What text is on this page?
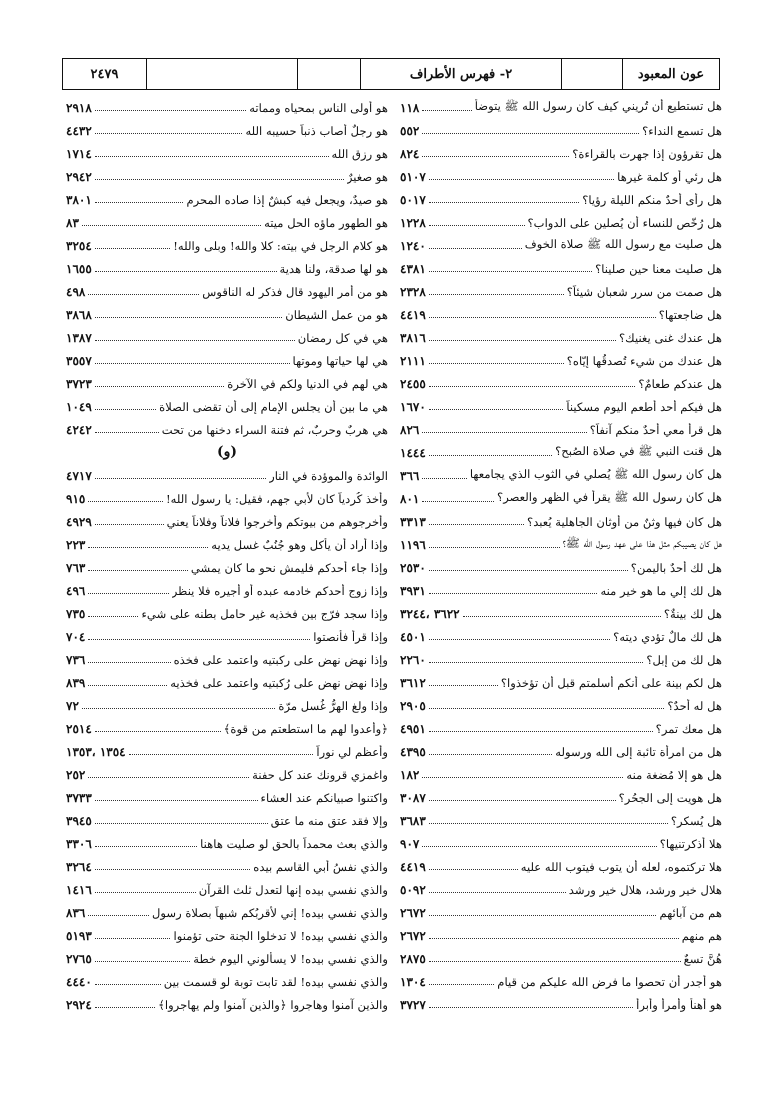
عون المعبود
٢- فهرس الأطراف
٢٤٧٩
هل تستطيع أن تُريني كيف كان رسول الله ﷺ يتوضأ
١١٨
هل تسمع النداء؟
٥٥٢
هل تقرؤون إذا جهرت بالقراءة؟
٨٢٤
هل رئي أو كلمة غيرها
٥١٠٧
هل رأى أحدٌ منكم الليلة رؤيا؟
٥٠١٧
هل رُخّص للنساء أن يُصلين على الدواب؟
١٢٢٨
هل صليت مع رسول الله ﷺ صلاة الخوف
١٢٤٠
هل صليت معنا حين صلينا؟
٤٣٨١
هل صمت من سرر شعبان شيئاً؟
٢٣٢٨
هل ضاجعتها؟
٤٤١٩
هل عندك غنى يغنيك؟
٣٨١٦
هل عندك من شيء تُصدقُها إيّاه؟
٢١١١
هل عندكم طعامٌ؟
٢٤٥٥
هل فيكم أحد أطعم اليوم مسكيناً
١٦٧٠
هل قرأ معي أحدٌ منكم آنفاً؟
٨٢٦
هل قنت النبي ﷺ في صلاة الصُبح؟
١٤٤٤
هل كان رسول الله ﷺ يُصلي في الثوب الذي يجامعها
٣٦٦
هل كان رسول الله ﷺ يقرأ في الظهر والعصر؟
٨٠١
هل كان فيها وثنٌ من أوثان الجاهلية يُعبد؟
٣٣١٣
هل كان يصيبكم مثل هذا على عهد رسول الله ﷺ؟
١١٩٦
هل لك أحدٌ باليمن؟
٢٥٣٠
هل لك إلي ما هو خير منه
٣٩٣١
هل لك بينةٌ؟
٣٦٢٢ ،٣٢٤٤
هل لك مالٌ تؤدي ديته؟
٤٥٠١
هل لك من إبل؟
٢٢٦٠
هل لكم بينة على أنكم أسلمتم قبل أن تؤخذوا؟
٣٦١٢
هل له أحدٌ؟
٢٩٠٥
هل معك تمر؟
٤٩٥١
هل من امرأة تائبة إلى الله ورسوله
٤٣٩٥
هل هو إلا مُضغة منه
١٨٢
هل هويت إلى الجحُر؟
٣٠٨٧
هل يُسكر؟
٣٦٨٣
هلا أذكرتنيها؟
٩٠٧
هلا تركتموه، لعله أن يتوب فيتوب الله عليه
٤٤١٩
هلال خير ورشد، هلال خير ورشد
٥٠٩٢
هم من آبائهم
٢٦٧٢
هم منهم
٢٦٧٢
هُنَّ تسعٌ
٢٨٧٥
هو أجدر أن تحصوا ما فرض الله عليكم من قيام
١٣٠٤
هو أهنأ وأمرأ وأبرأ
٣٧٢٧
هو أولى الناس بمحياه ومماته
٢٩١٨
هو رجلٌ أصاب ذنباً حسيبه الله
٤٤٣٢
هو رزق الله
١٧١٤
هو صغيرٌ
٢٩٤٢
هو صيدٌ، ويجعل فيه كبشٌ إذا صاده المحرم
٣٨٠١
هو الطهور ماؤه الحل ميته
٨٣
هو كلام الرجل في بيته: كلا والله! وبلى والله!
٣٢٥٤
هو لها صدقة، ولنا هدية
١٦٥٥
هو من أمر اليهود قال فذكر له الناقوس
٤٩٨
هو من عمل الشيطان
٣٨٦٨
هي في كل رمضان
١٣٨٧
هي لها حياتها وموتها
٣٥٥٧
هي لهم في الدنيا ولكم في الآخرة
٣٧٢٣
هي ما بين أن يجلس الإمام إلى أن تقضى الصلاة
١٠٤٩
هي هربٌ وحربٌ، ثم فتنة السراء دخنها من تحت
٤٢٤٢
(و)
الوائدة والموؤدة في النار
٤٧١٧
وأخذ كُردياً كان لأبي جهم، فقيل: يا رسول الله!
٩١٥
وأخرجوهم من بيوتكم وأخرجوا فلاناً وفلاناً يعني
٤٩٢٩
وإذا أراد أن يأكل وهو جُنُبٌ غسل يديه
٢٢٣
وإذا جاء أحدكم فليمش نحو ما كان يمشي
٧٦٣
وإذا زوج أحدكم خادمه عبده أو أجيره فلا ينظر
٤٩٦
وإذا سجد فرّج بين فخذيه غير حامل بطنه على شيء
٧٣٥
وإذا قرأ فأنصتوا
٧٠٤
وإذا نهض نهض على ركبتيه واعتمد على فخذه
٧٣٦
وإذا نهض نهض على رُكبتيه واعتمد على فخذيه
٨٣٩
وإذا ولغ الهرُّ غُسل مرّة
٧٢
﴿وأعدوا لهم ما استطعتم من قوة﴾
٢٥١٤
وأعظم لي نوراً
١٣٥٤ ،١٣٥٣
واغمزي قرونك عند كل حفنة
٢٥٢
واكتنوا صبيانكم عند العشاء
٣٧٣٣
وإلا فقد عتق منه ما عتق
٣٩٤٥
والذي بعث محمداً بالحق لو صليت هاهنا
٣٣٠٦
والذي نفسُ أبي القاسم بيده
٣٢٦٤
والذي نفسي بيده إنها لتعدل ثلث القرآن
١٤١٦
والذي نفسي بيده! إني لأقربُكم شبهاً بصلاة رسول
٨٣٦
والذي نفسي بيده! لا تدخلوا الجنة حتى تؤمنوا
٥١٩٣
والذي نفسي بيده! لا يسألوني اليوم خطة
٢٧٦٥
والذي نفسي بيده! لقد تابت توبة لو قسمت بين
٤٤٤٠
والذين آمنوا وهاجروا ﴿والذين آمنوا ولم يهاجروا﴾
٢٩٢٤
